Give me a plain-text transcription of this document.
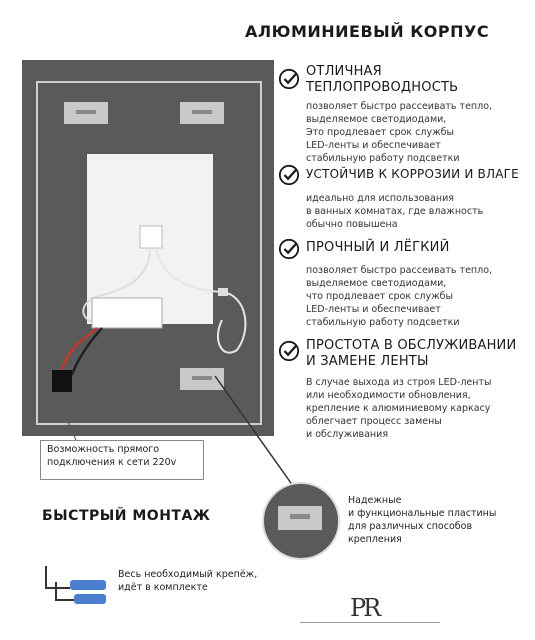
АЛЮМИНИЕВЫЙ КОРПУС
Возможность прямого
подключения к сети 220v
ОТЛИЧНАЯ
ТЕПЛОПРОВОДНОСТЬ
позволяет быстро рассеивать тепло,
выделяемое светодиодами,
Это продлевает срок службы
LED-ленты и обеспечивает
стабильную работу подсветки
УСТОЙЧИВ К КОРРОЗИИ И ВЛАГЕ
идеально для использования
в ванных комнатах, где влажность
обычно повышена
ПРОЧНЫЙ И ЛЁГКИЙ
позволяет быстро рассеивать тепло,
выделяемое светодиодами,
что продлевает срок службы
LED-ленты и обеспечивает
стабильную работу подсветки
ПРОСТОТА В ОБСЛУЖИВАНИИ
И ЗАМЕНЕ ЛЕНТЫ
В случае выхода из строя LED-ленты
или необходимости обновления,
крепление к алюминиевому каркасу
облегчает процесс замены
и обслуживания
БЫСТРЫЙ МОНТАЖ
Надежные
и функциональные пластины
для различных способов
крепления
Весь необходимый крепёж,
идёт в комплекте
PR
